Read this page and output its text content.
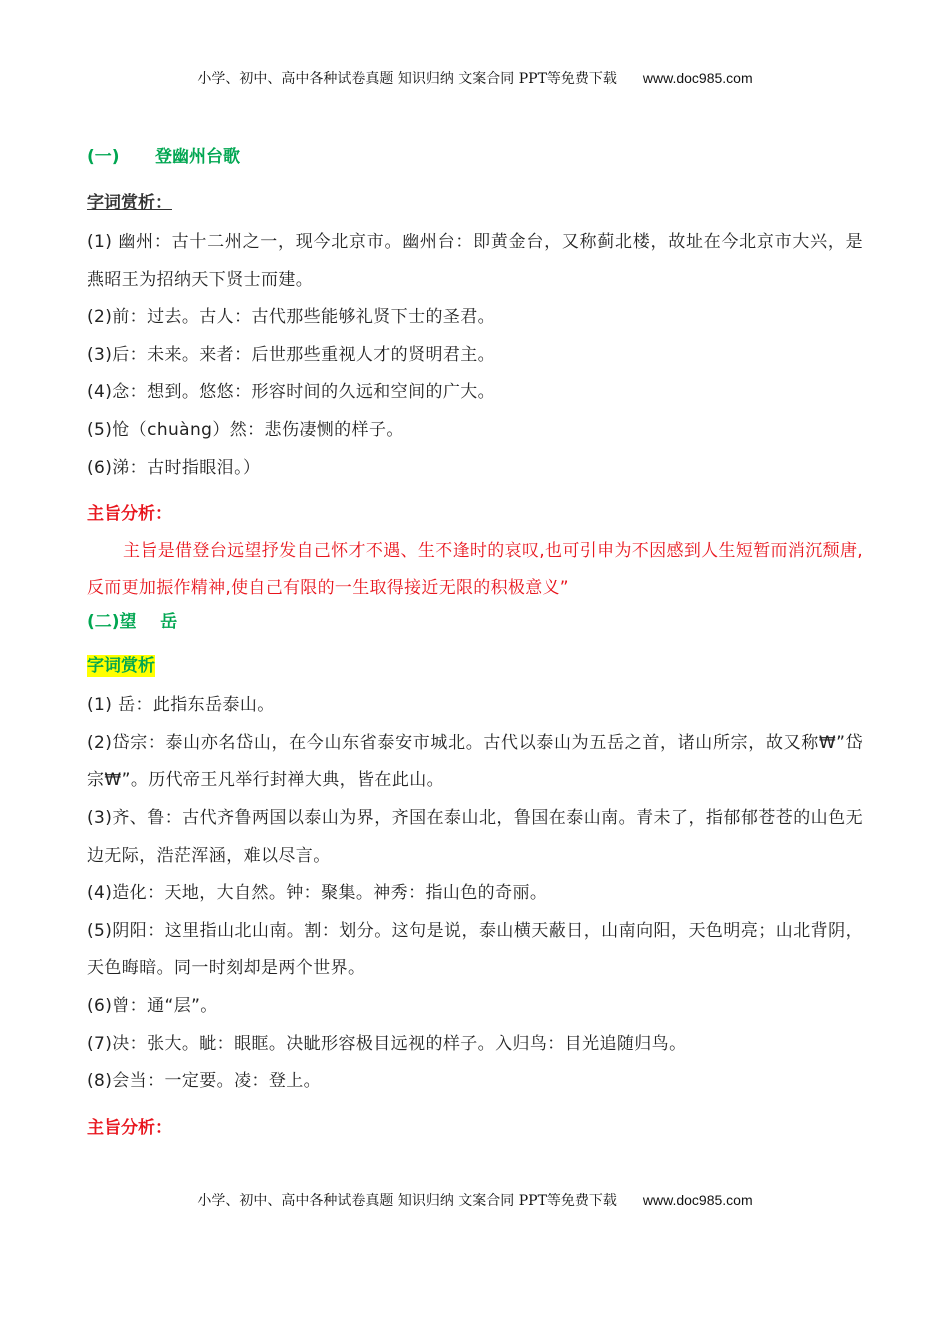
小学、初中、高中各种试卷真题 知识归纳 文案合同 PPT等免费下载 www.doc985.com
(一)      登幽州台歌
字词赏析：
(1) 幽州：古十二州之一，现今北京市。幽州台：即黄金台，又称蓟北楼，故址在今北京市大兴，是燕昭王为招纳天下贤士而建。
(2)前：过去。古人：古代那些能够礼贤下士的圣君。
(3)后：未来。来者：后世那些重视人才的贤明君主。
(4)念：想到。悠悠：形容时间的久远和空间的广大。
(5)怆（chuàng）然：悲伤凄恻的样子。
(6)涕：古时指眼泪。）
主旨分析：
主旨是借登台远望抒发自己怀才不遇、生不逢时的哀叹,也可引申为不因感到人生短暂而消沉颓唐,反而更加振作精神,使自己有限的一生取得接近无限的积极意义”
(二)望    岳
字词赏析
(1) 岳：此指东岳泰山。
(2)岱宗：泰山亦名岱山，在今山东省泰安市城北。古代以泰山为五岳之首，诸山所宗，故又称₩”岱宗₩”。历代帝王凡举行封禅大典，皆在此山。
(3)齐、鲁：古代齐鲁两国以泰山为界，齐国在泰山北，鲁国在泰山南。青未了，指郁郁苍苍的山色无边无际，浩茫浑涵，难以尽言。
(4)造化：天地，大自然。钟：聚集。神秀：指山色的奇丽。
(5)阴阳：这里指山北山南。割：划分。这句是说，泰山横天蔽日，山南向阳，天色明亮；山北背阴，天色晦暗。同一时刻却是两个世界。
(6)曾：通“层”。
(7)决：张大。眦：眼眶。决眦形容极目远视的样子。入归鸟：目光追随归鸟。
(8)会当：一定要。凌：登上。
主旨分析：
小学、初中、高中各种试卷真题 知识归纳 文案合同 PPT等免费下载 www.doc985.com
